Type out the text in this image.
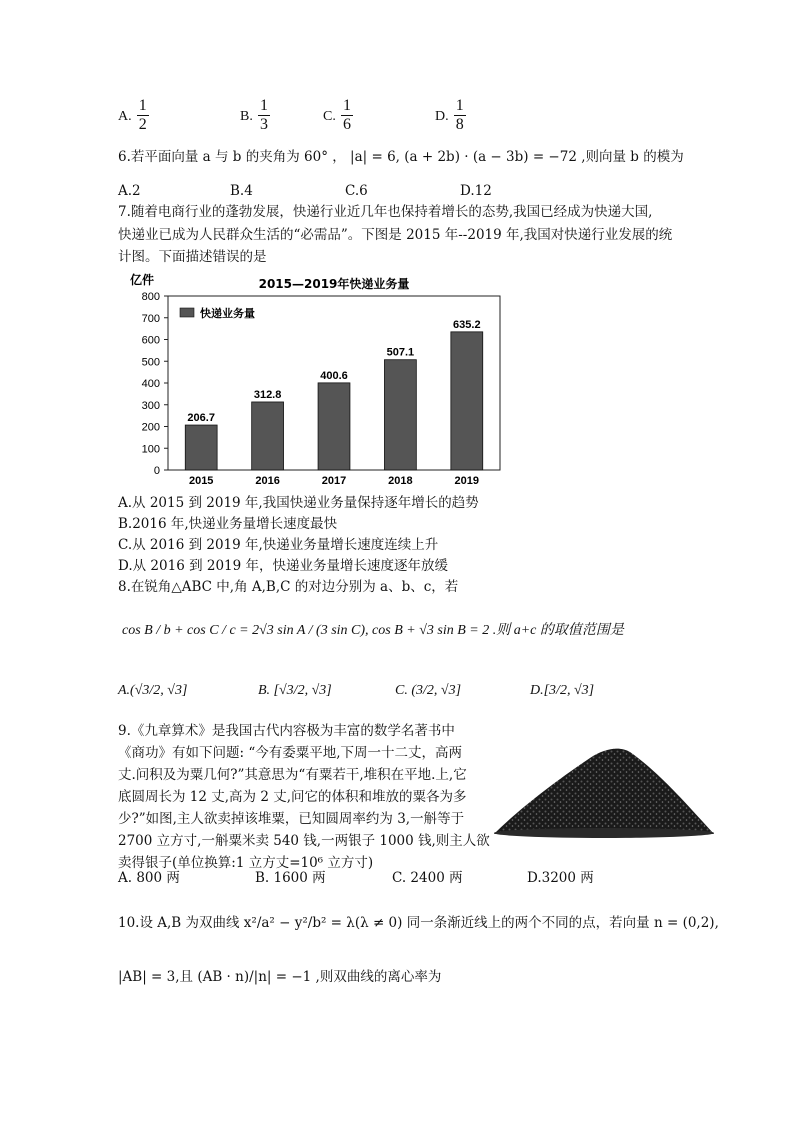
A. $\frac{1}{2}$	B. $\frac{1}{3}$	C. $\frac{1}{6}$	D. $\frac{1}{8}$
6.若平面向量 a 与 b 的夹角为 60° ， |a| = 6, (a + 2b) · (a − 3b) = −72 ,则向量 b 的模为
A.2	B.4	C.6	D.12
7.随着电商行业的蓬勃发展，快递行业近几年也保持着增长的态势,我国已经成为快递大国,
快递业已成为人民群众生活的“必需品”。下图是 2015 年--2019 年,我国对快递行业发展的统
计图。下面描述错误的是
亿件	2015—2019年快递业务量
0
100
200
300
400
500
600
700
800
206.7
2015
312.8
2016
400.6
2017
507.1
2018
635.2
2019
快递业务量
A.从 2015 到 2019 年,我国快递业务量保持逐年增长的趋势
B.2016 年,快递业务量增长速度最快
C.从 2016 到 2019 年,快递业务量增长速度连续上升
D.从 2016 到 2019 年，快递业务量增长速度逐年放缓
8.在锐角△ABC 中,角 A,B,C 的对边分别为 a、b、c，若
cos B / b + cos C / c = 2√3 sin A / (3 sin C), cos B + √3 sin B = 2 .则 a+c 的取值范围是
A.(√3/2, √3]	B. [√3/2, √3]	C. (3/2, √3]	D.[3/2, √3]
9.《九章算术》是我国古代内容极为丰富的数学名著书中
《商功》有如下问题: “今有委粟平地,下周一十二丈，高两
丈.问积及为粟几何?”其意思为“有粟若干,堆积在平地.上,它
底圆周长为 12 丈,高为 2 丈,问它的体积和堆放的粟各为多
少?”如图,主人欲卖掉该堆粟，已知圆周率约为 3,一斛等于
2700 立方寸,一斛粟米卖 540 钱,一两银子 1000 钱,则主人欲
卖得银子(单位换算:1 立方丈=10⁶ 立方寸)
A. 800 两	B. 1600 两	C. 2400 两	D.3200 两
10.设 A,B 为双曲线 x²/a² − y²/b² = λ(λ ≠ 0) 同一条渐近线上的两个不同的点，若向量 n = (0,2),
|AB| = 3,且 (AB · n)/|n| = −1 ,则双曲线的离心率为
